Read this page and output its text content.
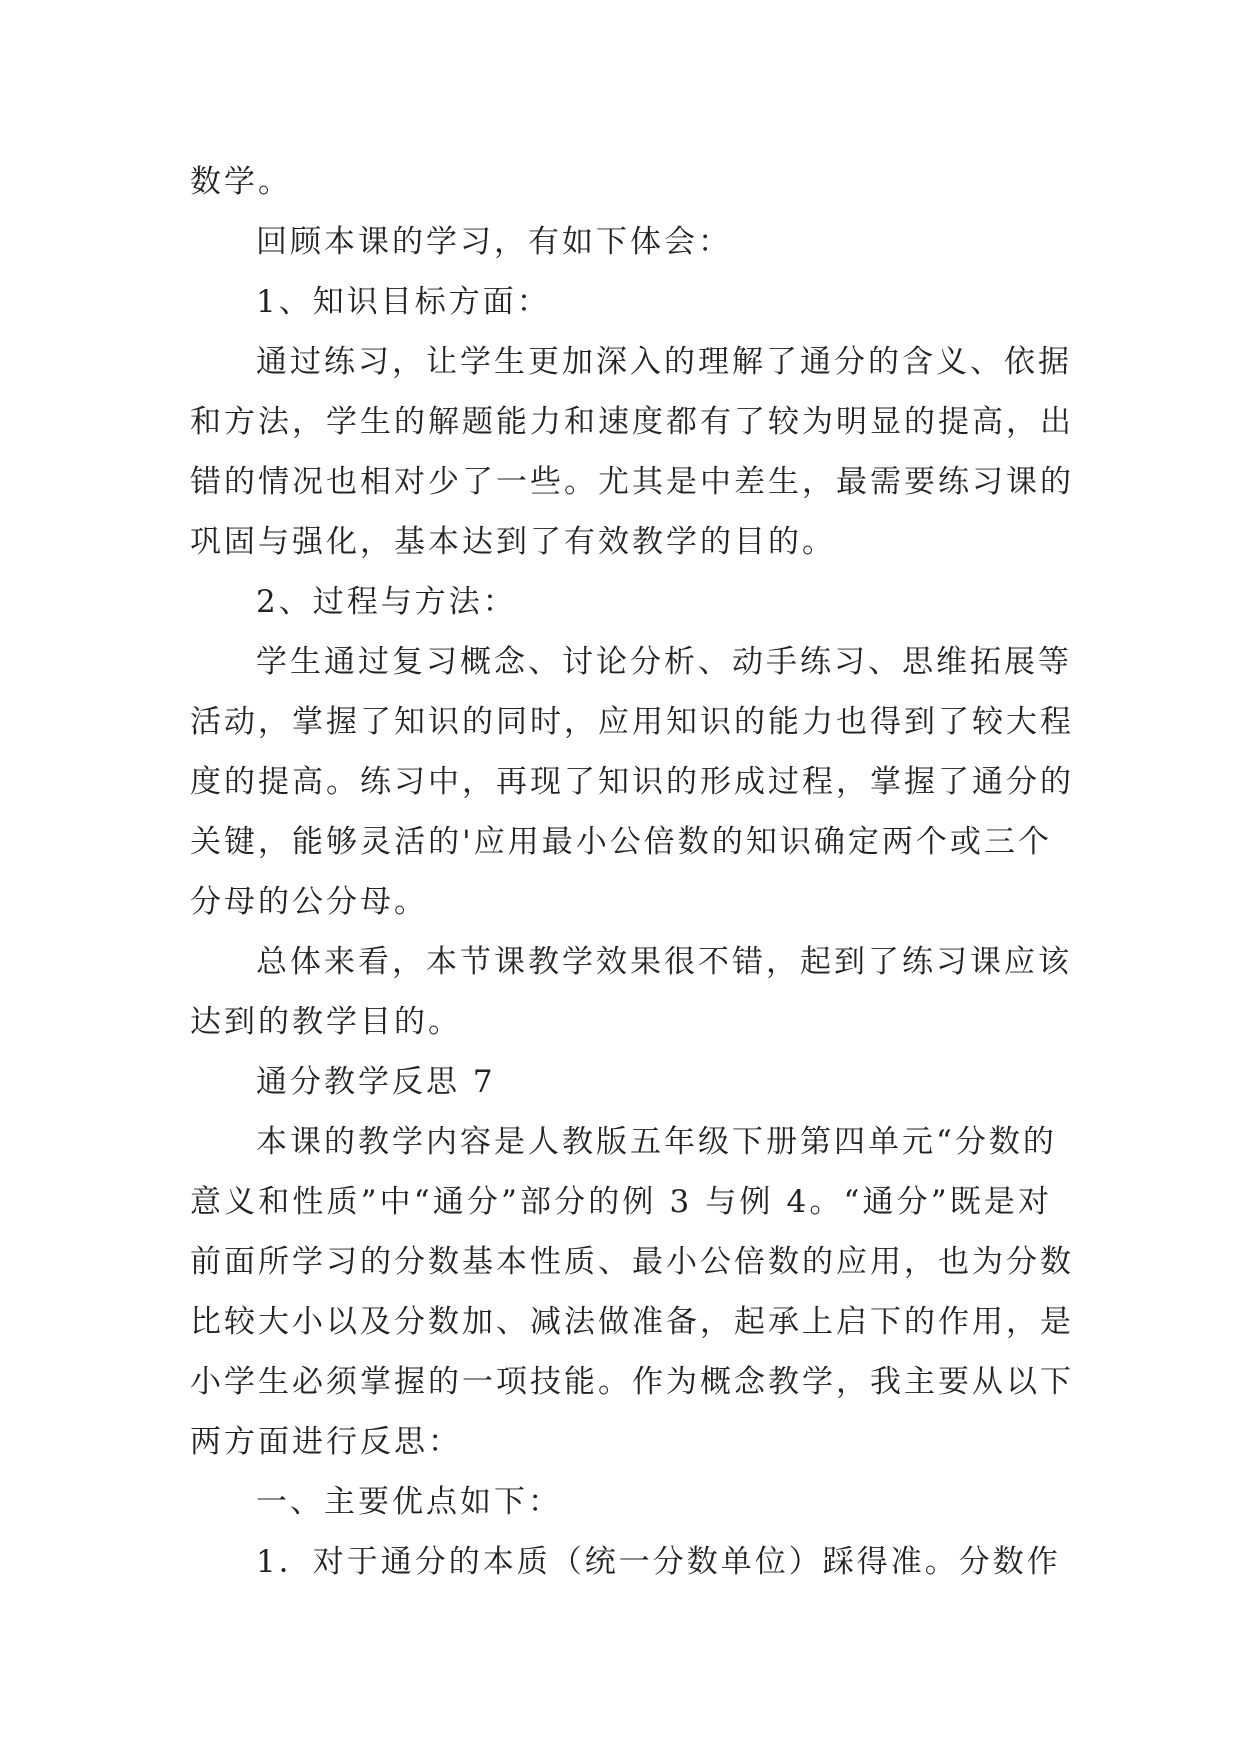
数学。
回顾本课的学习，有如下体会：
1、知识目标方面：
通过练习，让学生更加深入的理解了通分的含义、依据
和方法，学生的解题能力和速度都有了较为明显的提高，出
错的情况也相对少了一些。尤其是中差生，最需要练习课的
巩固与强化，基本达到了有效教学的目的。
2、过程与方法：
学生通过复习概念、讨论分析、动手练习、思维拓展等
活动，掌握了知识的同时，应用知识的能力也得到了较大程
度的提高。练习中，再现了知识的形成过程，掌握了通分的
关键，能够灵活的'应用最小公倍数的知识确定两个或三个
分母的公分母。
总体来看，本节课教学效果很不错，起到了练习课应该
达到的教学目的。
通分教学反思 7
本课的教学内容是人教版五年级下册第四单元“分数的
意义和性质”中“通分”部分的例 3 与例 4。“通分”既是对
前面所学习的分数基本性质、最小公倍数的应用，也为分数
比较大小以及分数加、减法做准备，起承上启下的作用，是
小学生必须掌握的一项技能。作为概念教学，我主要从以下
两方面进行反思：
一、主要优点如下：
1．对于通分的本质（统一分数单位）踩得准。分数作
